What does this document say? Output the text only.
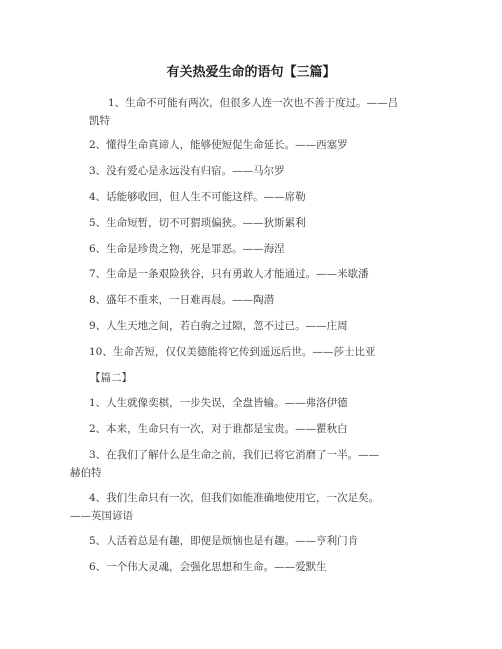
有关热爱生命的语句【三篇】
1、生命不可能有两次，但很多人连一次也不善于度过。——吕
凯特
2、懂得生命真谛人，能够使短促生命延长。——西塞罗
3、没有爱心是永远没有归宿。——马尔罗
4、话能够收回，但人生不可能这样。——席勒
5、生命短暂，切不可猬琐偏狭。——狄斯累利
6、生命是珍贵之物，死是罪恶。——海涅
7、生命是一条艰险狭谷，只有勇敢人才能通过。——米歇潘
8、盛年不重来，一日难再晨。——陶潜
9、人生天地之间，若白驹之过隙，忽不过已。——庄周
10、生命苦短，仅仅美德能将它传到遥远后世。——莎士比亚
【篇二】
1、人生就像奕棋，一步失误，全盘皆输。——弗洛伊德
2、本来，生命只有一次，对于谁都是宝贵。——瞿秋白
3、在我们了解什么是生命之前，我们已将它消磨了一半。——
赫伯特
4、我们生命只有一次，但我们如能准确地使用它，一次足矣。
——英国谚语
5、人活着总是有趣，即便是烦恼也是有趣。——亨利门肯
6、一个伟大灵魂，会强化思想和生命。——爱默生
